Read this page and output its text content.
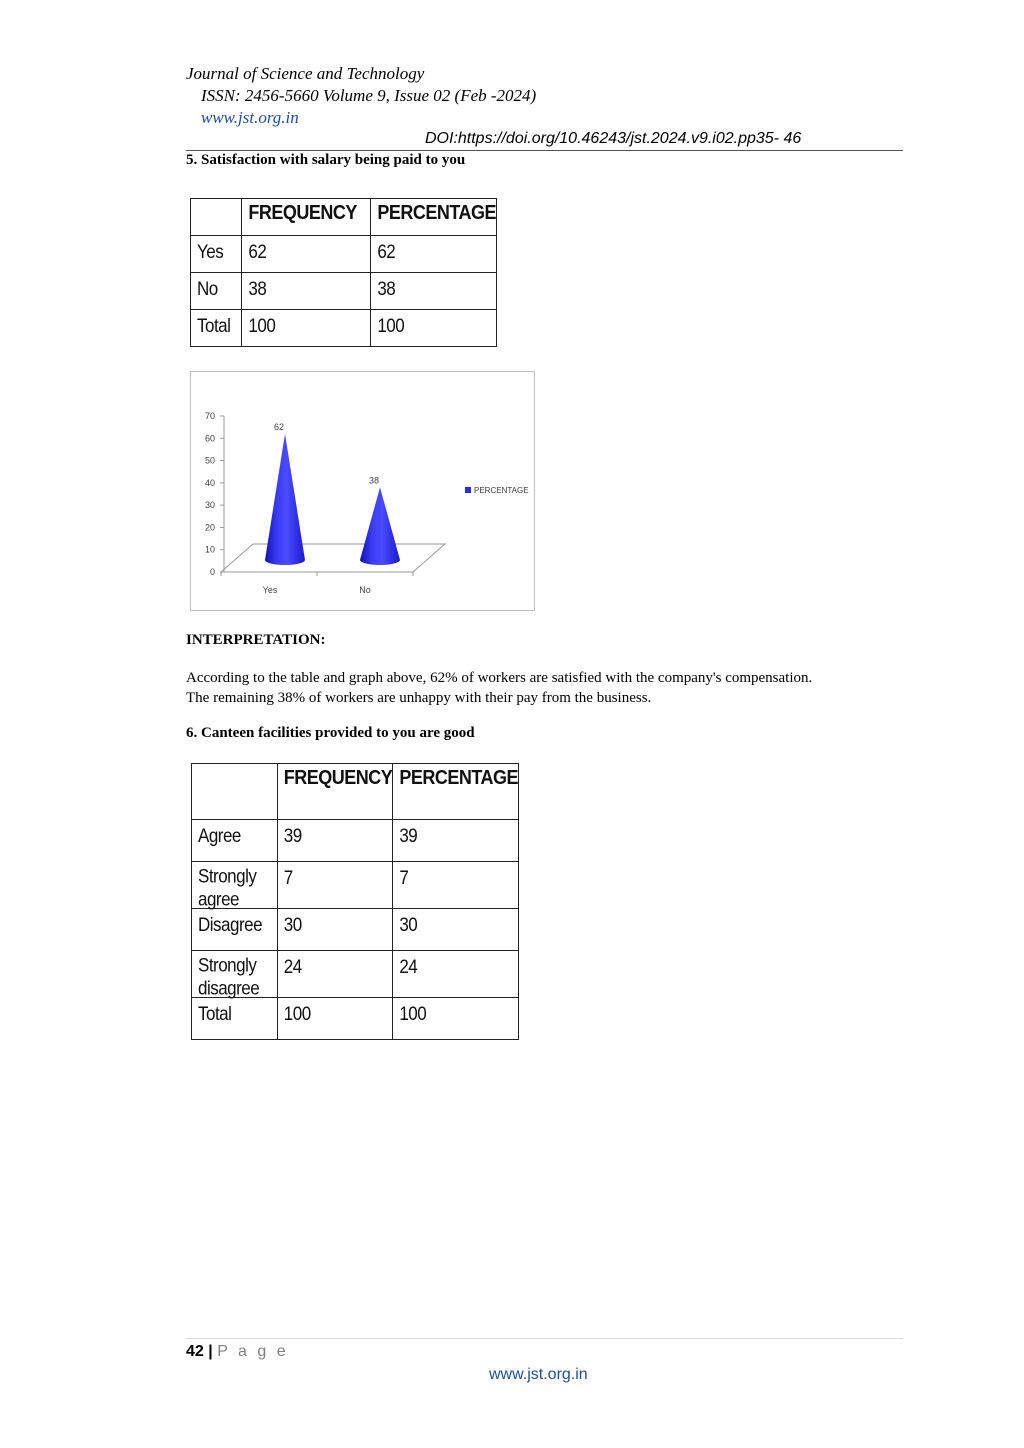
Journal of Science and Technology
ISSN: 2456-5660 Volume 9, Issue 02 (Feb -2024)
www.jst.org.in
DOI:https://doi.org/10.46243/jst.2024.v9.i02.pp35- 46
5. Satisfaction with salary being paid to you
	FREQUENCY	PERCENTAGE
Yes	62	62
No	38	38
Total	100	100
0
10
20
30
40
50
60
70
62
Yes
38
No
PERCENTAGE
INTERPRETATION:
According to the table and graph above, 62% of workers are satisfied with the company's compensation.
The remaining 38% of workers are unhappy with their pay from the business.
6. Canteen facilities provided to you are good
	FREQUENCY	PERCENTAGE
Agree	39	39
Strongly agree	7	7
Disagree	30	30
Strongly disagree	24	24
Total	100	100
42 | P a g e
www.jst.org.in
